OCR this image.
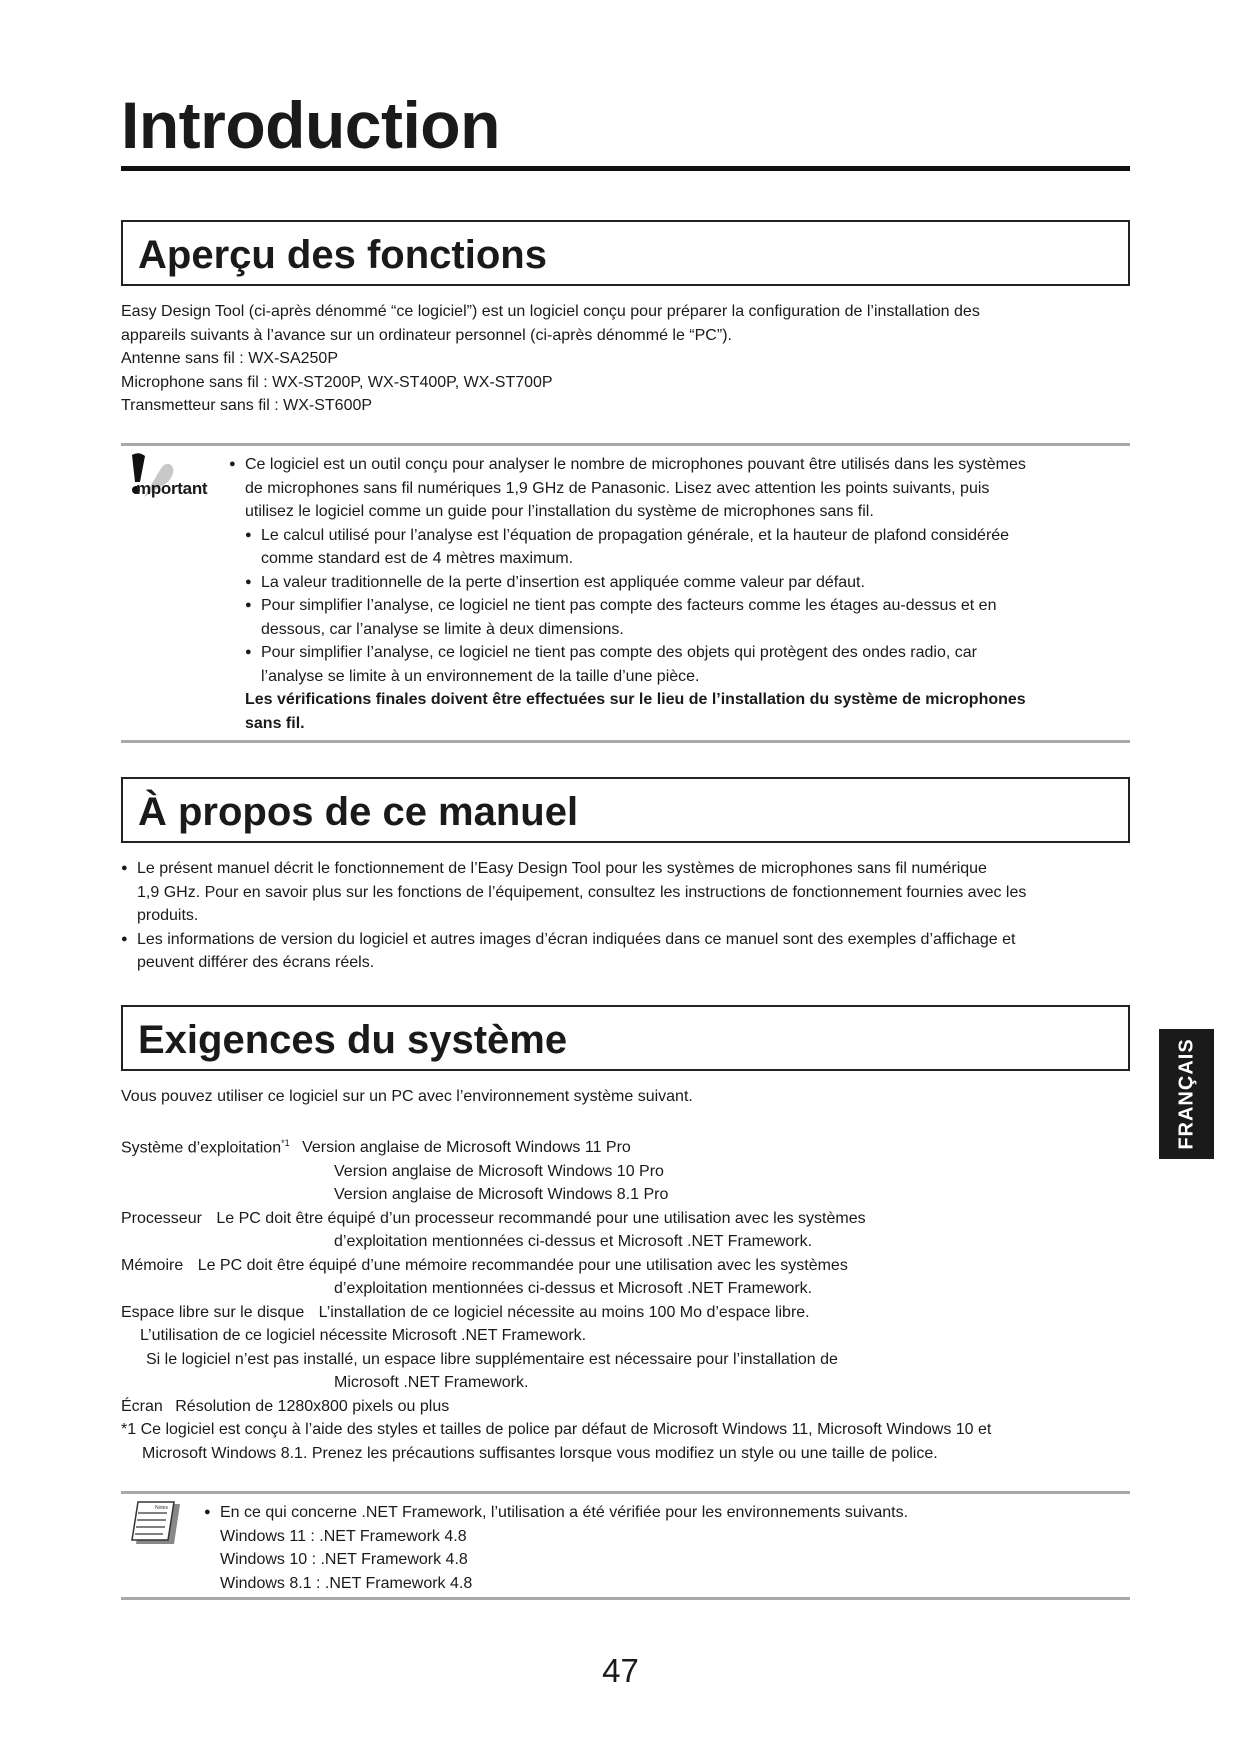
Introduction
Aperçu des fonctions

Easy Design Tool (ci-après dénommé “ce logiciel”) est un logiciel conçu pour préparer la configuration de l’installation des

appareils suivants à l’avance sur un ordinateur personnel (ci-après dénommé le “PC”).

Antenne sans fil : WX-SA250P

Microphone sans fil : WX-ST200P, WX-ST400P, WX-ST700P

Transmetteur sans fil : WX-ST600P

mportant

● Ce logiciel est un outil conçu pour analyser le nombre de microphones pouvant être utilisés dans les systèmes

de microphones sans fil numériques 1,9 GHz de Panasonic. Lisez avec attention les points suivants, puis

utilisez le logiciel comme un guide pour l’installation du système de microphones sans fil.

● Le calcul utilisé pour l’analyse est l’équation de propagation générale, et la hauteur de plafond considérée

comme standard est de 4 mètres maximum.

● La valeur traditionnelle de la perte d’insertion est appliquée comme valeur par défaut.

● Pour simplifier l’analyse, ce logiciel ne tient pas compte des facteurs comme les étages au-dessus et en

dessous, car l’analyse se limite à deux dimensions.

● Pour simplifier l’analyse, ce logiciel ne tient pas compte des objets qui protègent des ondes radio, car

l’analyse se limite à un environnement de la taille d’une pièce.

Les vérifications finales doivent être effectuées sur le lieu de l’installation du système de microphones

sans fil.

À propos de ce manuel

● Le présent manuel décrit le fonctionnement de l’Easy Design Tool pour les systèmes de microphones sans fil numérique

1,9 GHz. Pour en savoir plus sur les fonctions de l’équipement, consultez les instructions de fonctionnement fournies avec les

produits.

● Les informations de version du logiciel et autres images d’écran indiquées dans ce manuel sont des exemples d’affichage et

peuvent différer des écrans réels.

Exigences du système
Vous pouvez utiliser ce logiciel sur un PC avec l’environnement système suivant.
Système d’exploitation$^{*1}$ Version anglaise de Microsoft Windows 11 Pro

Version anglaise de Microsoft Windows 10 Pro

Version anglaise de Microsoft Windows 8.1 Pro

Processeur Le PC doit être équipé d’un processeur recommandé pour une utilisation avec les systèmes

d’exploitation mentionnées ci-dessus et Microsoft .NET Framework.

Mémoire Le PC doit être équipé d’une mémoire recommandée pour une utilisation avec les systèmes

d’exploitation mentionnées ci-dessus et Microsoft .NET Framework.

Espace libre sur le disque L’installation de ce logiciel nécessite au moins 100 Mo d’espace libre.

L’utilisation de ce logiciel nécessite Microsoft .NET Framework.

Si le logiciel n’est pas installé, un espace libre supplémentaire est nécessaire pour l’installation de

Microsoft .NET Framework.

Écran Résolution de 1280x800 pixels ou plus

*1 Ce logiciel est conçu à l’aide des styles et tailles de police par défaut de Microsoft Windows 11, Microsoft Windows 10 et

Microsoft Windows 8.1. Prenez les précautions suffisantes lorsque vous modifiez un style ou une taille de police.

Notes	● En ce qui concerne .NET Framework, l’utilisation a été vérifiée pour les environnements suivants.

Windows 11 : .NET Framework 4.8

Windows 10 : .NET Framework 4.8

Windows 8.1 : .NET Framework 4.8

FRANÇAIS
47
